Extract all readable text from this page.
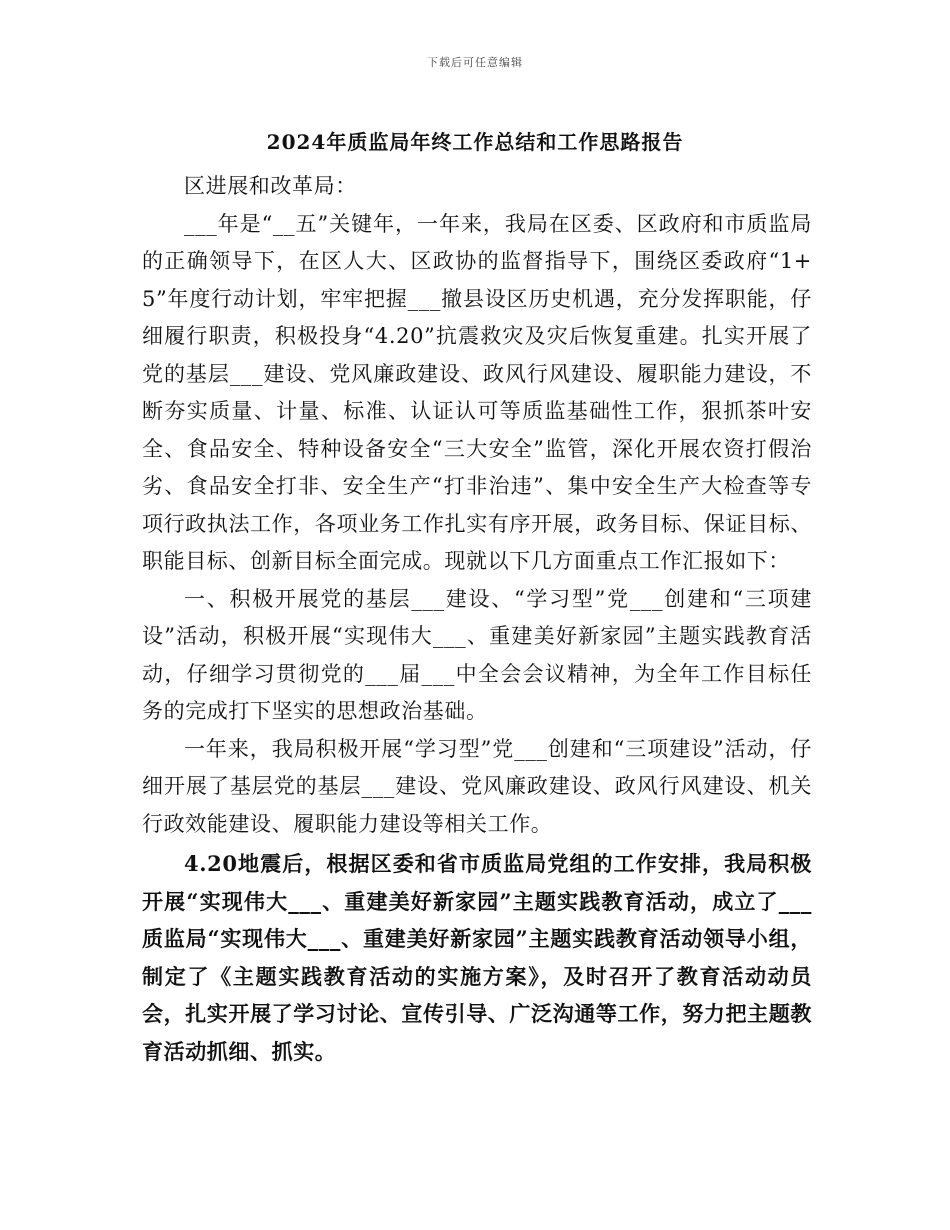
下载后可任意编辑
2024年质监局年终工作总结和工作思路报告

区进展和改革局：

___年是“__五”关键年，一年来，我局在区委、区政府和市质监局的正确领导下，在区人大、区政协的监督指导下，围绕区委政府“1+5”年度行动计划，牢牢把握___撤县设区历史机遇，充分发挥职能，仔细履行职责，积极投身“4.20”抗震救灾及灾后恢复重建。扎实开展了党的基层___建设、党风廉政建设、政风行风建设、履职能力建设，不断夯实质量、计量、标准、认证认可等质监基础性工作，狠抓茶叶安全、食品安全、特种设备安全“三大安全”监管，深化开展农资打假治劣、食品安全打非、安全生产“打非治违”、集中安全生产大检查等专项行政执法工作，各项业务工作扎实有序开展，政务目标、保证目标、职能目标、创新目标全面完成。现就以下几方面重点工作汇报如下：

一、积极开展党的基层___建设、“学习型”党___创建和“三项建设”活动，积极开展“实现伟大___、重建美好新家园”主题实践教育活动，仔细学习贯彻党的___届___中全会会议精神，为全年工作目标任务的完成打下坚实的思想政治基础。

一年来，我局积极开展“学习型”党___创建和“三项建设”活动，仔细开展了基层党的基层___建设、党风廉政建设、政风行风建设、机关行政效能建设、履职能力建设等相关工作。

4.20地震后，根据区委和省市质监局党组的工作安排，我局积极开展“实现伟大___、重建美好新家园”主题实践教育活动，成立了___质监局“实现伟大___、重建美好新家园”主题实践教育活动领导小组，制定了《主题实践教育活动的实施方案》，及时召开了教育活动动员会，扎实开展了学习讨论、宣传引导、广泛沟通等工作，努力把主题教育活动抓细、抓实。
